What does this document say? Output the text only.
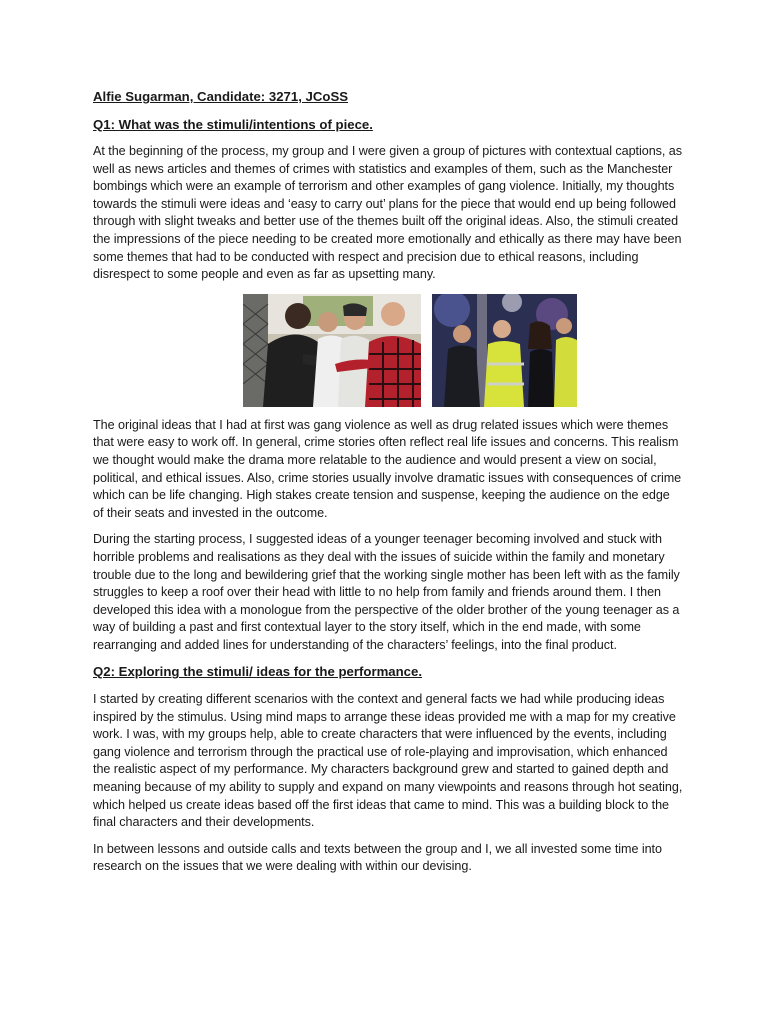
Alfie Sugarman, Candidate: 3271, JCoSS
Q1: What was the stimuli/intentions of piece.

At the beginning of the process, my group and I were given a group of pictures with contextual captions, as well as news articles and themes of crimes with statistics and examples of them, such as the Manchester bombings which were an example of terrorism and other examples of gang violence. Initially, my thoughts towards the stimuli were ideas and ‘easy to carry out’ plans for the piece that would end up being followed through with slight tweaks and better use of the themes built off the original ideas. Also, the stimuli created the impressions of the piece needing to be created more emotionally and ethically as there may have been some themes that had to be conducted with respect and precision due to ethical reasons, including disrespect to some people and even as far as upsetting many.

The original ideas that I had at first was gang violence as well as drug related issues which were themes that were easy to work off. In general, crime stories often reflect real life issues and concerns. This realism we thought would make the drama more relatable to the audience and would present a view on social, political, and ethical issues. Also, crime stories usually involve dramatic issues with consequences of crime which can be life changing. High stakes create tension and suspense, keeping the audience on the edge of their seats and invested in the outcome.

During the starting process, I suggested ideas of a younger teenager becoming involved and stuck with horrible problems and realisations as they deal with the issues of suicide within the family and monetary trouble due to the long and bewildering grief that the working single mother has been left with as the family struggles to keep a roof over their head with little to no help from family and friends around them. I then developed this idea with a monologue from the perspective of the older brother of the young teenager as a way of building a past and first contextual layer to the story itself, which in the end made, with some rearranging and added lines for understanding of the characters’ feelings, into the final product.

Q2: Exploring the stimuli/ ideas for the performance.

I started by creating different scenarios with the context and general facts we had while producing ideas inspired by the stimulus. Using mind maps to arrange these ideas provided me with a map for my creative work. I was, with my groups help, able to create characters that were influenced by the events, including gang violence and terrorism through the practical use of role-playing and improvisation, which enhanced the realistic aspect of my performance. My characters background grew and started to gained depth and meaning because of my ability to supply and expand on many viewpoints and reasons through hot seating, which helped us create ideas based off the first ideas that came to mind. This was a building block to the final characters and their developments.

In between lessons and outside calls and texts between the group and I, we all invested some time into research on the issues that we were dealing with within our devising.
